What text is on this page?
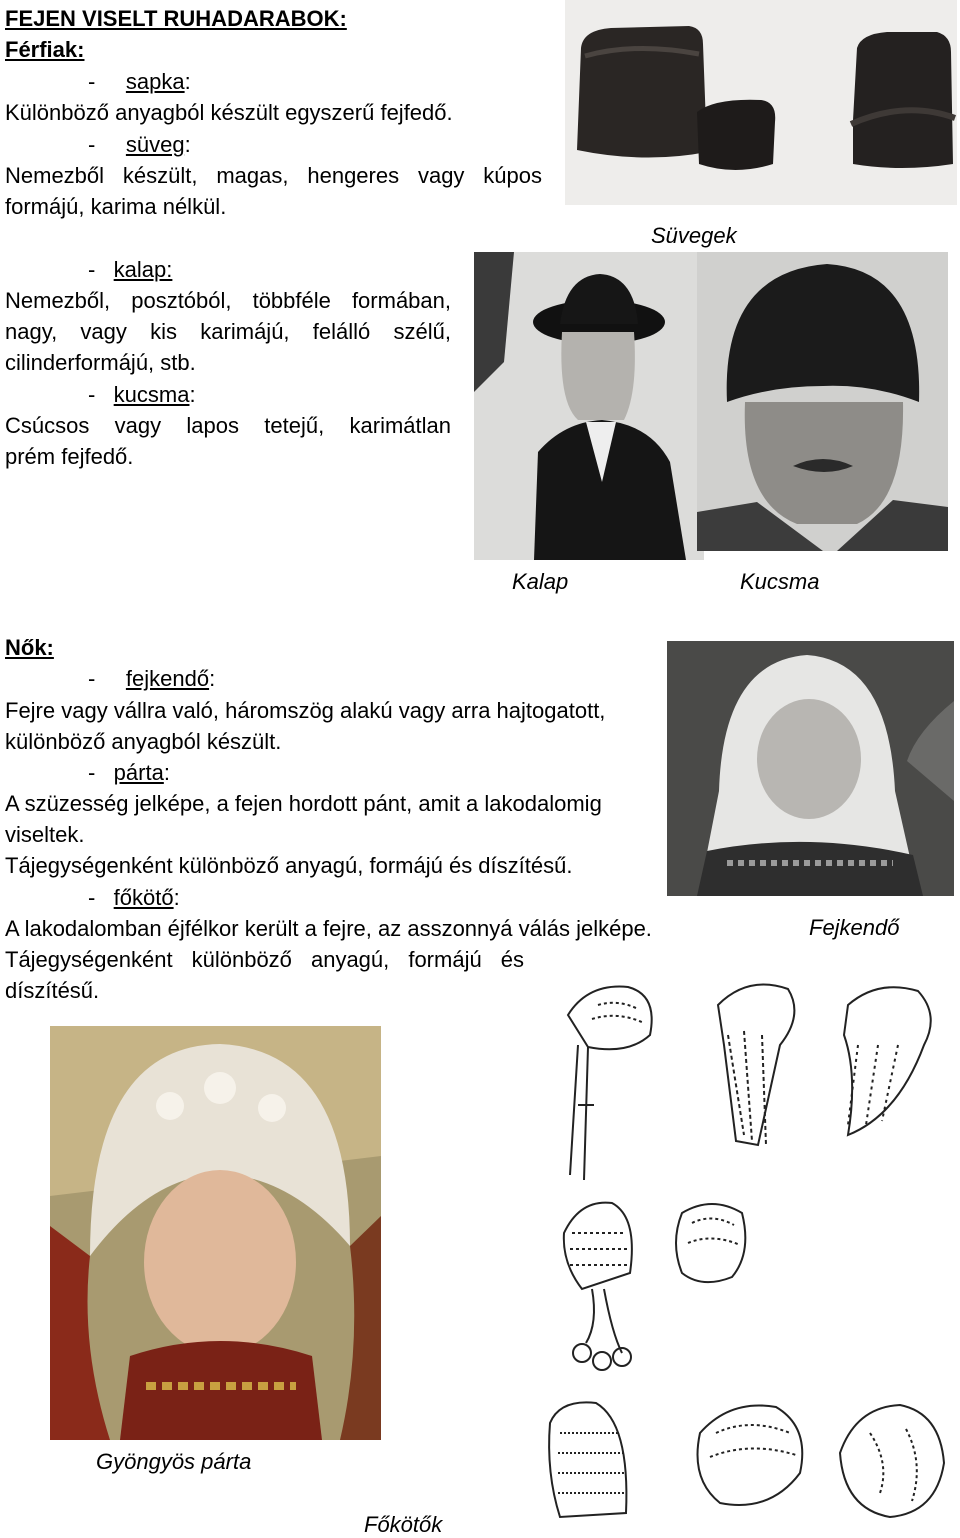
FEJEN VISELT RUHADARABOK:
Férfiak:
- sapka:
Különböző anyagból készült egyszerű fejfedő.
- süveg:
Nemezből készült, magas, hengeres vagy kúpos
formájú, karima nélkül.
- kalap:
Nemezből, posztóból, többféle formában,
nagy, vagy kis karimájú, felálló szélű,
cilinderformájú, stb.
- kucsma:
Csúcsos vagy lapos tetejű, karimátlan
prém fejfedő.
Süvegek
Kalap	Kucsma
Nők:
- fejkendő:
Fejre vagy vállra való, háromszög alakú vagy arra hajtogatott,
különböző anyagból készült.
- párta:
A szüzesség jelképe, a fejen hordott pánt, amit a lakodalomig
viseltek.
Tájegységenként különböző anyagú, formájú és díszítésű.
- főkötő:
A lakodalomban éjfélkor került a fejre, az asszonnyá válás jelképe.
Tájegységenként különböző anyagú, formájú és
díszítésű.
Fejkendő
Gyöngyös párta
Főkötők
